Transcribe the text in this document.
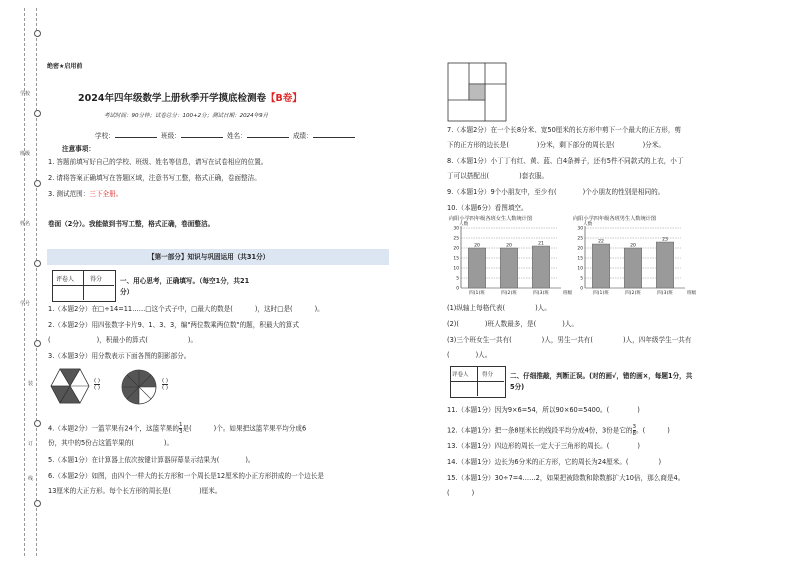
学校
班级
姓名
学号
装
订
线
绝密★启用前
2024年四年级数学上册秋季开学摸底检测卷【B卷】
考试时间：90分钟；试卷总分：100+2分；测试日期：2024年9月
学校：	班级：	姓名：	成绩：
注意事项：
1. 答题前填写好自己的学校、班级、姓名等信息，请写在试卷相应的位置。
2. 请将答案正确填写在答题区域，注意书写工整，格式正确，卷面整洁。
3. 测试范围：三下全册。
卷面（2分）。我能做到书写工整，格式正确，卷面整洁。
【第一部分】知识与巩固运用（共31分）
评卷人	得分	一、用心思考，正确填写。（每空1分，共21
分）
1.（本题2分）在□÷14=11……□这个式子中，□最大的数是(	)，这时□是(	)。
2.（本题2分）用四张数字卡片9、1、3、3，编"两位数乘两位数"的题，积最大的算式
(	)，积最小的算式(	)。
3.（本题3分）用分数表示下面各图的阴影部分。
( )
( )
( )
( )
4.（本题2分）一篮苹果有24个，这篮苹果的 $\frac{1}{3}$ 是(	)个。如果把这篮苹果平均分成6
份，其中的5份占这篮苹果的(	)。
5.（本题1分）在计算器上依次按键计算器屏幕显示结果为(	)。
6.（本题2分）如图，由四个一样大的长方形和一个周长是12厘米的小正方形拼成的一个边长是
13厘米的大正方形。每个长方形的周长是(	)厘米。
7.（本题2分）在一个长8分米、宽50厘米的长方形中剪下一个最大的正方形，剪
下的正方形的边长是(	)分米，剩下部分的周长是(	)分米。
8.（本题1分）小丁丁有红、黄、蓝、白4条裤子，还有5件不同款式的上衣，小丁
丁可以搭配出(	)套衣服。
9.（本题1分）9个小朋友中，至少有(	)个小朋友的性别是相同的。
10.（本题6分）看图填空。
向阳小学四年级各班女生人数统计图
人数
0
5
10
15
20
25
30
20
四(1)班
20
四(2)班
21
四(3)班	班级
向阳小学四年级各班男生人数统计图
人数
0
5
10
15
20
25
30
22
四(1)班
20
四(2)班
23
四(3)班	班级
(1)纵轴上每格代表(	)人。
(2)(	)班人数最多，是(	)人。
(3)三个班女生一共有(	)人，男生一共有(	)人，四年级学生一共有
(	)人。
评卷人 得分	二、仔细推敲，判断正误。(对的画√，错的画×，每题1分，共
5分)
11.（本题1分）因为9×6=54，所以90×60=5400。(	)
12.（本题1分）把一条8厘米长的线段平均分成4份，3份是它的 $\frac{3}{8}$ 。(	)
13.（本题1分）四边形的周长一定大于三角形的周长。(	)
14.（本题1分）边长为6分米的正方形，它的周长为24厘米。(	)
15.（本题1分）30÷7=4……2，如果把被除数和除数都扩大10倍，那么商是4。
(	)
